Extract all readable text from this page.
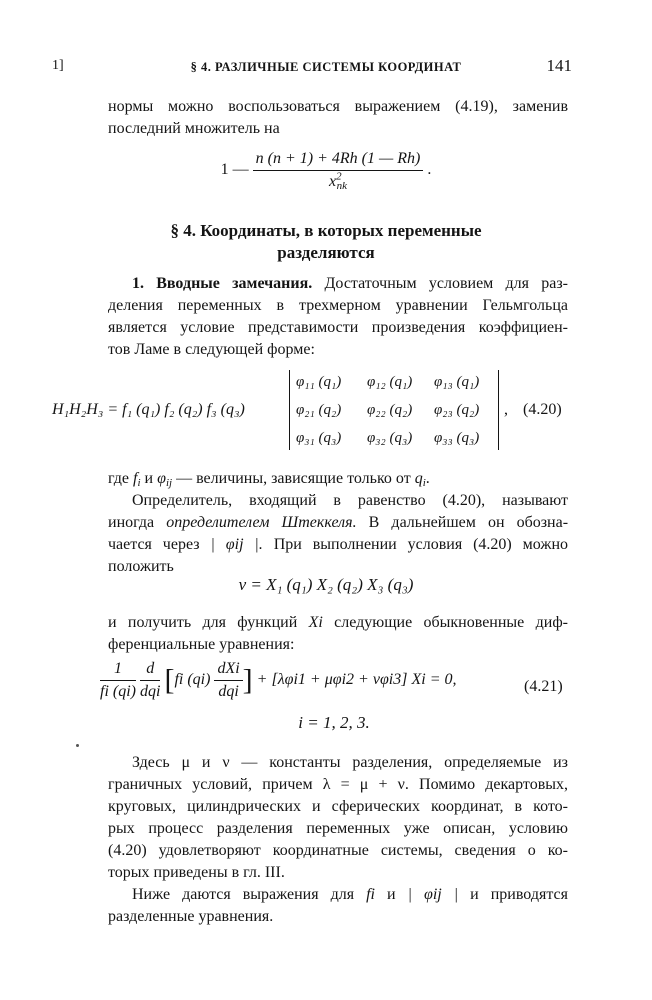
1]	§ 4. РАЗЛИЧНЫЕ СИСТЕМЫ КООРДИНАТ	141
нормы можно воспользоваться выражением (4.19), заменив
последний множитель на
1 — $\frac{n (n + 1) + 4Rh (1 — Rh)}{x^2_{nk}}$ .
§ 4. Координаты, в которых переменные
разделяются
1. Вводные замечания. Достаточным условием для раз-
деления переменных в трехмерном уравнении Гельмгольца
является условие представимости произведения коэффициен-
тов Ламе в следующей форме:
H₁H₂H₃ = f₁ (q₁) f₂ (q₂) f₃ (q₃)
φ₁₁ (q₁) φ₁₂ (q₁) φ₁₃ (q₁)
φ₂₁ (q₂) φ₂₂ (q₂) φ₂₃ (q₂)
φ₃₁ (q₃) φ₃₂ (q₃) φ₃₃ (q₃)
, (4.20)
где $f_i$ и $\varphi_{ij}$ — величины, зависящие только от $q_i$.
Определитель, входящий в равенство (4.20), называют
иногда определителем Штеккеля. В дальнейшем он обозна-
чается через | φij |. При выполнении условия (4.20) можно
положить
v = X₁ (q₁) X₂ (q₂) X₃ (q₃)
и получить для функций Xi следующие обыкновенные диф-
ференциальные уравнения:
$\frac{1}{fi (qi)}$
$\frac{d}{\text{dqi}} [fi$ $(qi) \frac{\text{dXi}}{\text{dqi}}$ ] + [λφi1 + μφi2 + νφi3] Xi = 0,	(4.21)
i = 1, 2, 3.
Здесь μ и ν — константы разделения, определяемые из
граничных условий, причем λ = μ + ν. Помимо декартовых,
круговых, цилиндрических и сферических координат, в кото-
рых процесс разделения переменных уже описан, условию
(4.20) удовлетворяют координатные системы, сведения о ко-
торых приведены в гл. III.
Ниже даются выражения для fi и | φij | и приводятся
разделенные уравнения.
